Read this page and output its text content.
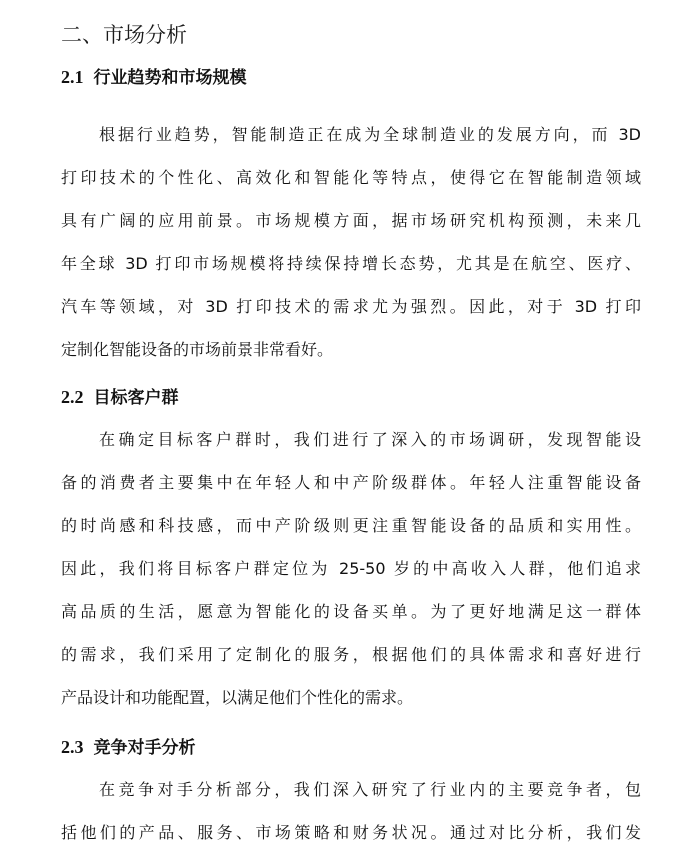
二、市场分析
2.1 行业趋势和市场规模
根据行业趋势，智能制造正在成为全球制造业的发展方向，而 3D
打印技术的个性化、高效化和智能化等特点，使得它在智能制造领域
具有广阔的应用前景。市场规模方面，据市场研究机构预测，未来几
年全球 3D 打印市场规模将持续保持增长态势，尤其是在航空、医疗、
汽车等领域，对 3D 打印技术的需求尤为强烈。因此，对于 3D 打印
定制化智能设备的市场前景非常看好。
2.2 目标客户群
在确定目标客户群时，我们进行了深入的市场调研，发现智能设
备的消费者主要集中在年轻人和中产阶级群体。年轻人注重智能设备
的时尚感和科技感，而中产阶级则更注重智能设备的品质和实用性。
因此，我们将目标客户群定位为 25-50 岁的中高收入人群，他们追求
高品质的生活，愿意为智能化的设备买单。为了更好地满足这一群体
的需求，我们采用了定制化的服务，根据他们的具体需求和喜好进行
产品设计和功能配置，以满足他们个性化的需求。
2.3 竞争对手分析
在竞争对手分析部分，我们深入研究了行业内的主要竞争者，包
括他们的产品、服务、市场策略和财务状况。通过对比分析，我们发
